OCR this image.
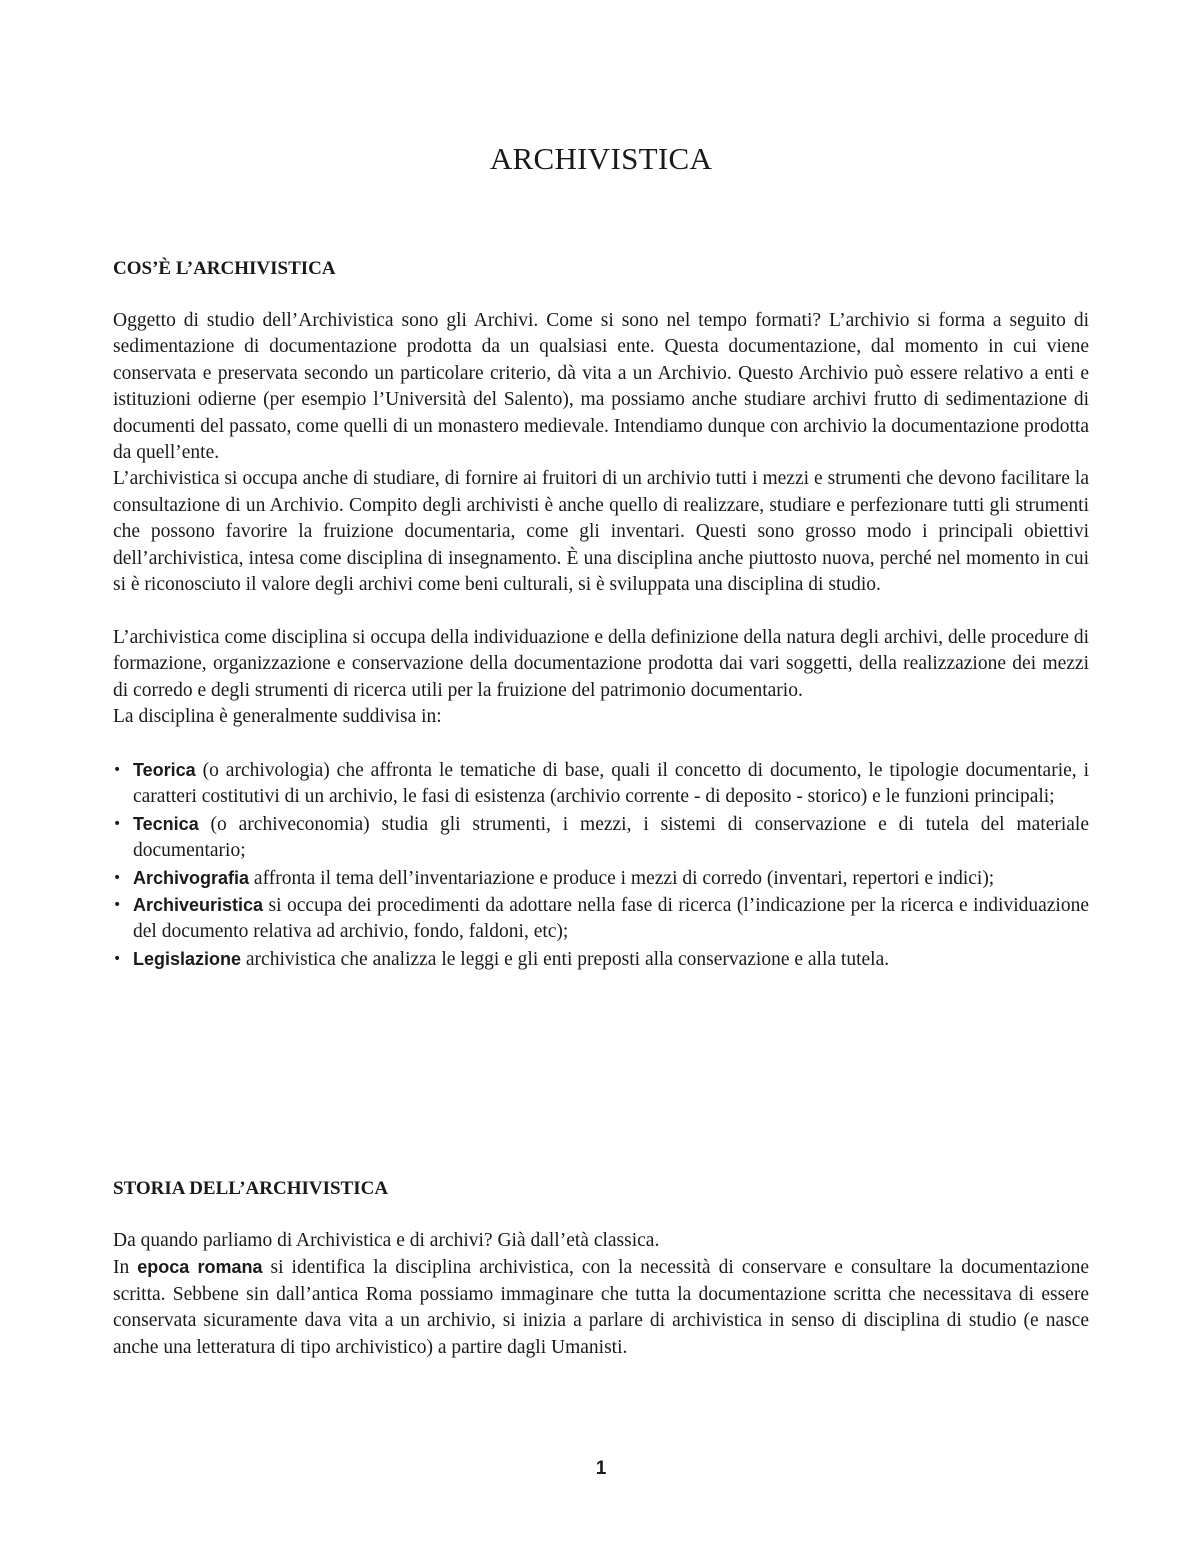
ARCHIVISTICA
COS’È L’ARCHIVISTICA

Oggetto di studio dell’Archivistica sono gli Archivi. Come si sono nel tempo formati? L’archivio si forma a seguito di sedimentazione di documentazione prodotta da un qualsiasi ente. Questa documentazione, dal momento in cui viene conservata e preservata secondo un particolare criterio, dà vita a un Archivio. Questo Archivio può essere relativo a enti e istituzioni odierne (per esempio l’Università del Salento), ma possiamo anche studiare archivi frutto di sedimentazione di documenti del passato, come quelli di un monastero medievale. Intendiamo dunque con archivio la documentazione prodotta da quell’ente.

L’archivistica si occupa anche di studiare, di fornire ai fruitori di un archivio tutti i mezzi e strumenti che devono facilitare la consultazione di un Archivio. Compito degli archivisti è anche quello di realizzare, studiare e perfezionare tutti gli strumenti che possono favorire la fruizione documentaria, come gli inventari. Questi sono grosso modo i principali obiettivi dell’archivistica, intesa come disciplina di insegnamento. È una disciplina anche piuttosto nuova, perché nel momento in cui si è riconosciuto il valore degli archivi come beni culturali, si è sviluppata una disciplina di studio.

L’archivistica come disciplina si occupa della individuazione e della definizione della natura degli archivi, delle procedure di formazione, organizzazione e conservazione della documentazione prodotta dai vari soggetti, della realizzazione dei mezzi di corredo e degli strumenti di ricerca utili per la fruizione del patrimonio documentario.

La disciplina è generalmente suddivisa in:

• Teorica (o archivologia) che affronta le tematiche di base, quali il concetto di documento, le tipologie documentarie, i caratteri costitutivi di un archivio, le fasi di esistenza (archivio corrente - di deposito - storico) e le funzioni principali;
• Tecnica (o archiveconomia) studia gli strumenti, i mezzi, i sistemi di conservazione e di tutela del materiale documentario;
• Archivografia affronta il tema dell’inventariazione e produce i mezzi di corredo (inventari, repertori e indici);
• Archiveuristica si occupa dei procedimenti da adottare nella fase di ricerca (l’indicazione per la ricerca e individuazione del documento relativa ad archivio, fondo, faldoni, etc);
• Legislazione archivistica che analizza le leggi e gli enti preposti alla conservazione e alla tutela.
STORIA DELL’ARCHIVISTICA

Da quando parliamo di Archivistica e di archivi? Già dall’età classica.

In epoca romana si identifica la disciplina archivistica, con la necessità di conservare e consultare la documentazione scritta. Sebbene sin dall’antica Roma possiamo immaginare che tutta la documentazione scritta che necessitava di essere conservata sicuramente dava vita a un archivio, si inizia a parlare di archivistica in senso di disciplina di studio (e nasce anche una letteratura di tipo archivistico) a partire dagli Umanisti.

1
